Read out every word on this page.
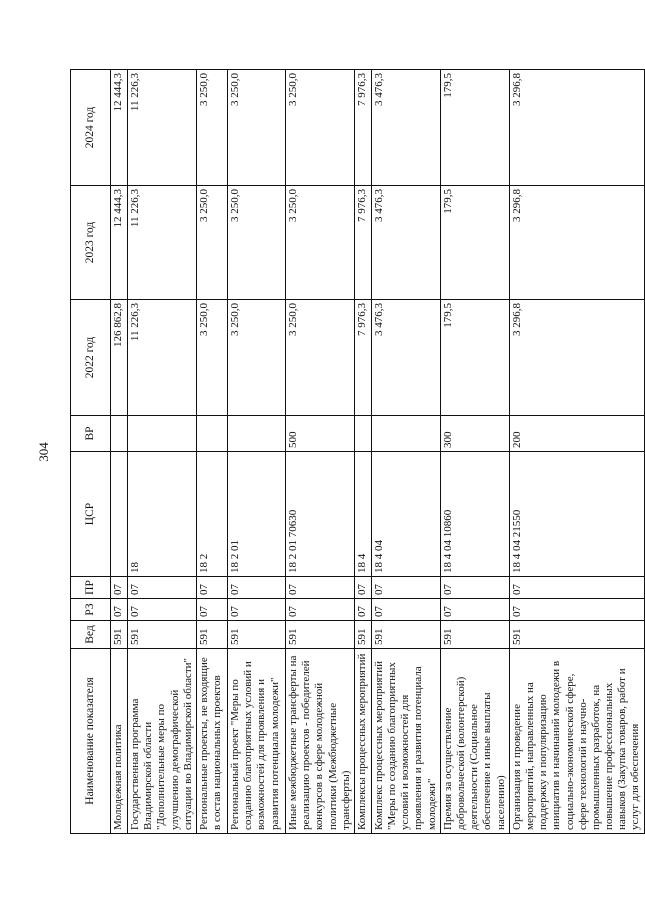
304
Наименование показателя	Вед	РЗ	ПР	ЦСР	ВР	2022 год	2023 год	2024 год
Молодежная политика	591	07	07			126 862,8	12 444,3	12 444,3
Государственная программа Владимирской области "Дополнительные меры по улучшению демографической ситуации во Владимирской области"	591	07	07	18		11 226,3	11 226,3	11 226,3
Региональные проекты, не входящие в состав национальных проектов	591	07	07	18 2		3 250,0	3 250,0	3 250,0
Региональный проект "Меры по созданию благоприятных условий и возможностей для проявления и развития потенциала молодежи"	591	07	07	18 2 01		3 250,0	3 250,0	3 250,0
Иные межбюджетные трансферты на реализацию проектов - победителей конкурсов в сфере молодежной политики (Межбюджетные трансферты)	591	07	07	18 2 01 70630	500	3 250,0	3 250,0	3 250,0
Комплексы процессных мероприятий	591	07	07	18 4		7 976,3	7 976,3	7 976,3
Комплекс процессных мероприятий "Меры по созданию благоприятных условий и возможностей для проявления и развития потенциала молодежи"	591	07	07	18 4 04		3 476,3	3 476,3	3 476,3
Премия за осуществление добровольческой (волонтерской) деятельности (Социальное обеспечение и иные выплаты населению)	591	07	07	18 4 04 10860	300	179,5	179,5	179,5
Организация и проведение мероприятий, направленных на поддержку и популяризацию инициатив и начинаний молодежи в социально-экономической сфере, сфере технологий и научно-промышленных разработок, на повышение профессиональных навыков (Закупка товаров, работ и услуг для обеспечения	591	07	07	18 4 04 21550	200	3 296,8	3 296,8	3 296,8
